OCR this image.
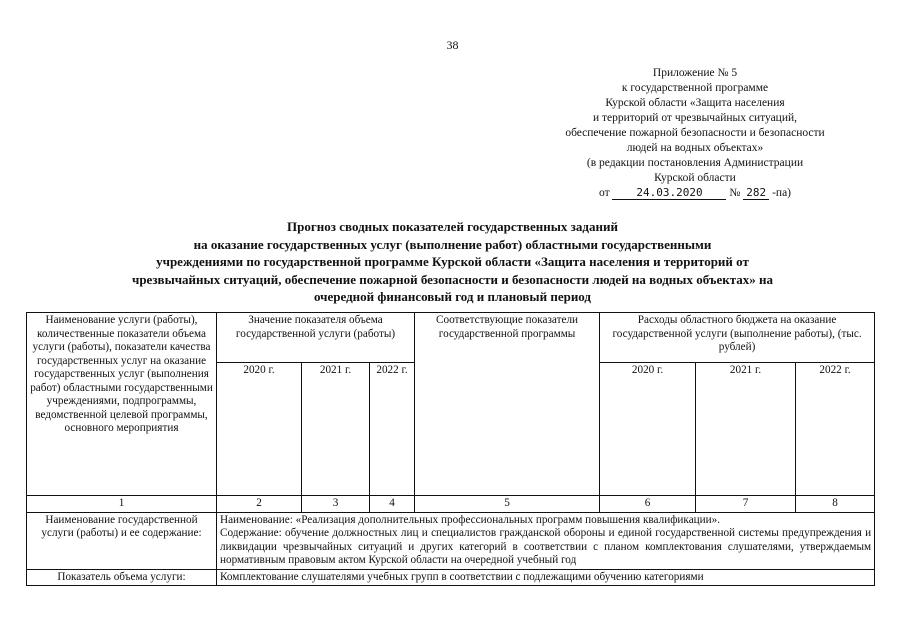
38
Приложение № 5
к государственной программе
Курской области «Защита населения
и территорий от чрезвычайных ситуаций,
обеспечение пожарной безопасности и безопасности
людей на водных объектах»
(в редакции постановления Администрации
Курской области
от 24.03.2020 № 282 -па)
Прогноз сводных показателей государственных заданий
на оказание государственных услуг (выполнение работ) областными государственными
учреждениями по государственной программе Курской области «Защита населения и территорий от
чрезвычайных ситуаций, обеспечение пожарной безопасности и безопасности людей на водных объектах» на
очередной финансовый год и плановый период
Наименование услуги (работы), количественные показатели объема услуги (работы), показатели качества государственных услуг на оказание государственных услуг (выполнения работ) областными государственными учреждениями, подпрограммы, ведомственной целевой программы, основного мероприятия	Значение показателя объема государственной услуги (работы)			Соответствующие показатели государственной программы	Расходы областного бюджета на оказание государственной услуги (выполнение работы), (тыс. рублей)		
	2020 г.	2021 г.	2022 г.		2020 г.	2021 г.	2022 г.
1	2	3	4	5	6	7	8
Наименование государственной услуги (работы) и ее содержание:	Наименование: «Реализация дополнительных профессиональных программ повышения квалификации».
Содержание: обучение должностных лиц и специалистов гражданской обороны и единой государственной системы предупреждения и ликвидации чрезвычайных ситуаций и других категорий в соответствии с планом комплектования слушателями, утверждаемым нормативным правовым актом Курской области на очередной учебный год						

Показатель объема услуги:	Комплектование слушателями учебных групп в соответствии с подлежащими обучению категориями						
